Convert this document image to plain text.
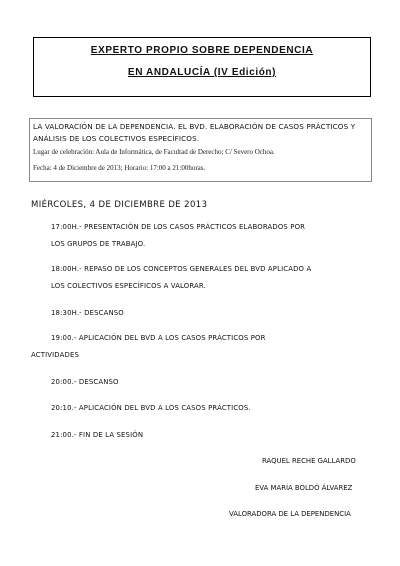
EXPERTO PROPIO SOBRE DEPENDENCIA
EN ANDALUCÍA (IV Edición)
LA VALORACIÓN DE LA DEPENDENCIA. EL BVD. ELABORACIÓN DE CASOS PRÁCTICOS Y ANÁLISIS DE LOS COLECTIVOS ESPECÍFICOS.
Lugar de celebración: Aula de Informática, de Facultad de Derecho; C/ Severo Ochoa.
Fecha: 4 de Diciembre de 2013; Horario: 17:00 a 21:00horas.
MIÉRCOLES, 4 DE DICIEMBRE DE 2013
17:00H.- PRESENTACIÓN DE LOS CASOS PRÁCTICOS ELABORADOS POR
LOS GRUPOS DE TRABAJO.
18:00H.- REPASO DE LOS CONCEPTOS GENERALES DEL BVD APLICADO A
LOS COLECTIVOS ESPECÍFICOS A VALORAR.
18:30H.- DESCANSO
19:00.- APLICACIÓN DEL BVD A LOS CASOS PRÁCTICOS POR
ACTIVIDADES
20:00.- DESCANSO
20:10.- APLICACIÓN DEL BVD A LOS CASOS PRÁCTICOS.
21:00.- FIN DE LA SESIÓN
RAQUEL RECHE GALLARDO
EVA MARÍA BOLDÓ ÁLVAREZ
VALORADORA DE LA DEPENDENCIA
